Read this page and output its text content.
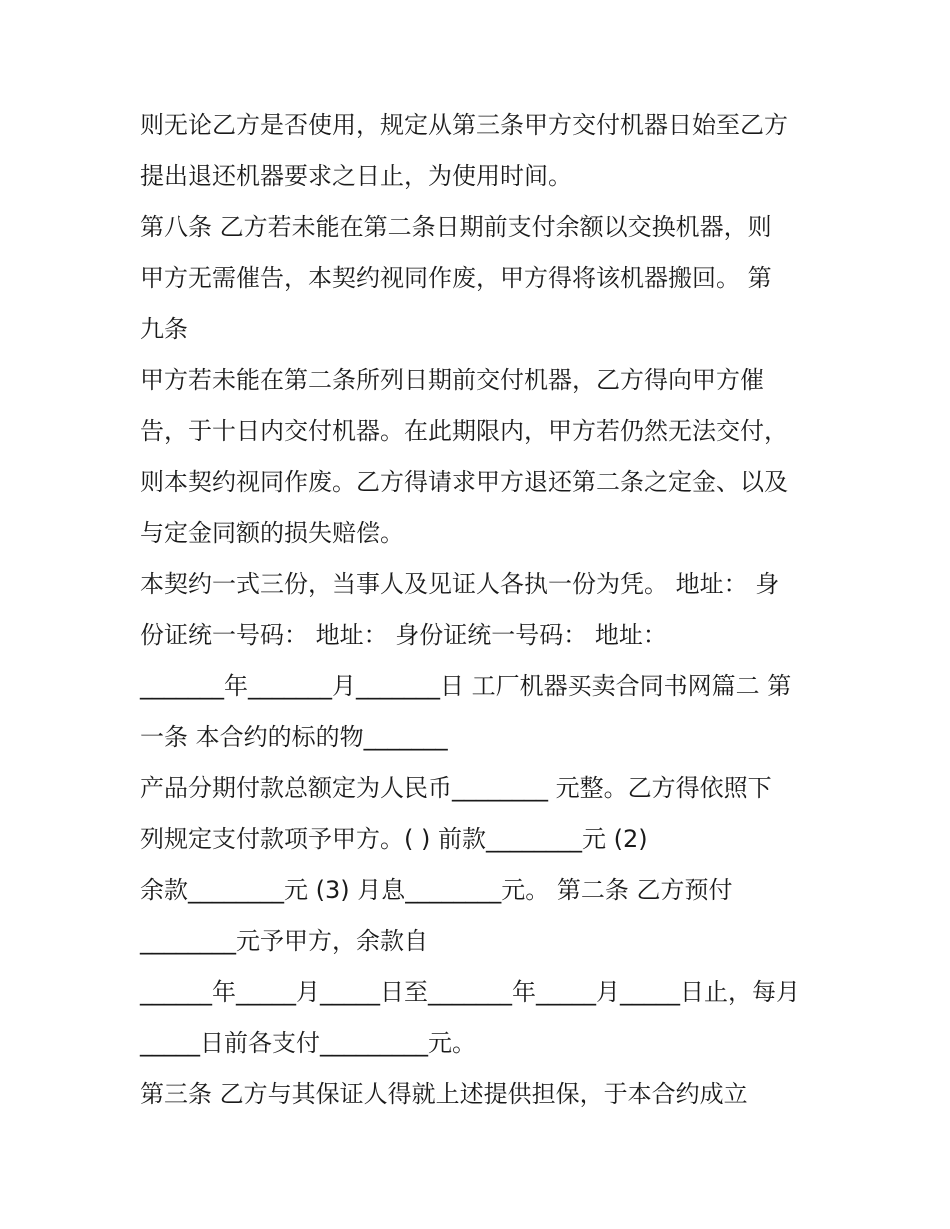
则无论乙方是否使用，规定从第三条甲方交付机器日始至乙方
提出退还机器要求之日止，为使用时间。
第八条 乙方若未能在第二条日期前支付余额以交换机器，则
甲方无需催告，本契约视同作废，甲方得将该机器搬回。 第
九条
甲方若未能在第二条所列日期前交付机器，乙方得向甲方催
告，于十日内交付机器。在此期限内，甲方若仍然无法交付，
则本契约视同作废。乙方得请求甲方退还第二条之定金、以及
与定金同额的损失赔偿。
本契约一式三份，当事人及见证人各执一份为凭。 地址： 身
份证统一号码： 地址： 身份证统一号码： 地址：
_______年_______月_______日 工厂机器买卖合同书网篇二 第
一条 本合约的标的物_______
产品分期付款总额定为人民币________ 元整。乙方得依照下
列规定支付款项予甲方。( ) 前款________元 (2)
余款________元 (3) 月息________元。 第二条 乙方预付
________元予甲方，余款自
______年_____月_____日至_______年_____月_____日止，每月
_____日前各支付_________元。
第三条 乙方与其保证人得就上述提供担保，于本合约成立
